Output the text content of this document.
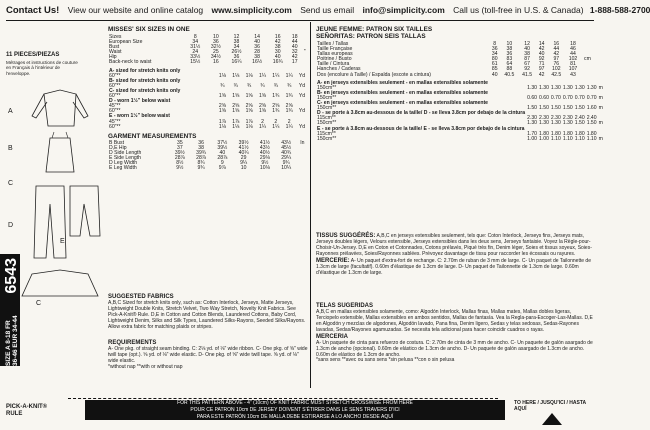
Contact Us! View our website and online catalog www.simplicity.com Send us email info@simplicity.com Call us (toll-free in U.S. & Canada) 1-888-588-2700
11 PIECES/PIEZAS
Métrages et instructions de couture en Français à l'intérieur de l'enveloppe.
A
B
C
D
E
C
6543
SIZE A 8-18 FR 36-46 EUR 34-44
MISSES' SIX SIZES IN ONE
Sizes	8	10	12	14	16	18	
European Size	34	36	38	40	42	44	
Bust	31½	32½	34	36	38	40	
Waist	24	25	26½	28	30	32	"
Hip	33½	34½	36	38	40	42	
Back-neck to waist	15½	16	16¼	16½	16¾	17	
A- sized for stretch knits only							
60"**	1⅛	1⅛	1⅛	1¼	1¼	1¼	Yd
B- sized for stretch knits only							
60"**	¾	¾	¾	¾	¾	¾	Yd
C- sized for stretch knits only							
60"**	1⅝	1⅝	1⅝	1⅝	1¾	1¾	Yd
D - worn 1½" below waist							
45"**	2⅝	2⅝	2⅝	2⅝	2⅝	2⅝	
60"**	1⅝	1⅝	1⅝	1⅝	1¾	1¾	Yd
E - worn 1½" below waist							
45"**	1⅞	1⅞	1⅞	2	2	2	
60"**	1⅛	1⅛	1⅛	1¼	1¼	1¼	Yd
GARMENT MEASUREMENTS
B Bust	35	36	37½	39½	41½	43½	In
D,E Hip	37	38	39½	41½	43½	45½	
D Side Length	39½	39¾	40	40¼	40½	40¾	
E Side Length	28⅞	28⅞	28⅞	29	29⅛	29¼	
D Leg Width	8½	8¾	9	9¼	9½	9¾	
E Leg Width	9½	9¾	9⅞	10	10⅛	10¼	
SUGGESTED FABRICS
A,B,C Sized for stretch knits only, such as: Cotton Interlock, Jerseys, Matte Jerseys, Lightweight Double Knits, Stretch Velvet, Two Way Stretch, Novelty Knit Fabrics. See Pick-A-Knit® Rule. D,E in Cotton and Cotton Blends, Laundered Cottons, Baby Cord, Lightweight Denim, Silks and Silk Types, Laundered Silks-Rayons, Seeded Silks/Rayons. Allow extra fabric for matching plaids or stripes.
REQUIREMENTS
A- One pkg. of straight seam binding. C: 2⅛ yd. of ⅛" wide ribbon. C- One pkg. of ⅝" wide twill tape (opt.). ⅝ yd. of ⅛" wide elastic. D- One pkg. of ⅝" wide twill tape. ⅝ yd. of ⅛" wide elastic.
*without nap **with or without nap
JEUNE FEMME: PATRON SIX TAILLES
SEÑORITAS: PATRON SEIS TALLAS
Tailles / Tallas	8	10	12	14	16	18	
Taille Française	36	38	40	42	44	46	
Tallas europeas	34	36	38	40	42	44	
Poitrine / Busto	80	83	87	92	97	102	cm
Taille / Cintura	61	64	67	71	76	81	
Hanches / Caderas	85	88	92	97	102	107	
Dos (encolure à Taille) / Espalda (escote a cintura)	40	40.5	41.5	42	42.5	43	
A- en jerseys extensibles seulement - en mallas extensibles solamente							
150cm**	1.30	1.30	1.30	1.30	1.30	1.30	m
B- en jerseys extensibles seulement - en mallas extensibles solamente							
150cm**	0.60	0.60	0.70	0.70	0.70	0.70	m
C- en jerseys extensibles seulement - en mallas extensibles solamente							
150cm**	1.50	1.50	1.50	1.50	1.50	1.60	m
D - se porte à 3.8cm au-dessous de la taille/ D - se lleva 3.8cm por debajo de la cintura							
115cm**	2.30	2.30	2.30	2.30	2.40	2.40	
150cm**	1.30	1.30	1.30	1.30	1.50	1.50	m
E - se porte à 3.8cm au-dessous de la taille/ E - se lleva 3.8cm por debajo de la cintura							
115cm**	1.70	1.80	1.80	1.80	1.80	1.80	
150cm**	1.00	1.00	1.10	1.10	1.10	1.10	m
TISSUS SUGGÉRÉS: A,B,C en jerseys extensibles seulement, tels que: Coton Interlock, Jerseys fins, Jerseys mats, Jerseys doubles légers, Velours extensible, Jerseys extensibles dans les deux sens, Jerseys fantaisie. Voyez la Règle-pour-Choisir-Un-Jersey. D,E en Coton et Cotonnades, Cotons prélavés, Piqué très fin, Denim léger, Soies et tissus soyeux, Soies-Rayonnes prélavées, Soies/Rayonnes sablées. Prévoyez davantage de tissu pour raccorder les écossais ou rayures.
MERCERIE: A- Un paquet d'extra-fort de rechange. C: 2.70m de ruban de 3 mm de large. C- Un paquet de Tailonnette de 1.3cm de large (facultatif). 0.60m d'élastique de 1.3cm de large. D- Un paquet de Tailonnette de 1.3cm de large. 0.60m d'élastique de 1.3cm de large.
TELAS SUGERIDAS
A,B,C en mallas extensibles solamente, como: Algodón Interlock, Mallas finas, Mallas mates, Mallas dobles ligeras, Terciopelo extensible, Mallas extensibles en ambos sentidos, Mallas de fantasía. Vea la Regla-para-Escoger-Las-Mallas. D,E en Algodón y mezclas de algodones, Algodón lavado, Pana fina, Denim ligero, Sedas y telas sedosas, Sedas-Rayones lavadas, Sedas/Rayones agamuzadas. Se necesita tela adicional para hacer coincidir cuadros o rayas.
MERCERIA
A- Un paquete de cinta para refuerzo de costura. C: 2.70m de cinta de 3 mm de ancho. C- Un paquete de galón asargado de 1.3cm de ancho (opcional). 0.60m de elástico de 1.3cm de ancho. D- Un paquete de galón asargado de 1.3cm de ancho. 0.60m de elástico de 1.3cm de ancho.
*sans sens **avec ou sans sens *sin pelusa **con o sin pelusa
PICK-A-KNIT® RULE
FOR THIS PATTERN ABOVE - 4" (10cm) OF KNIT FABRIC MUST STRETCH CROSSWISE FROM HERE
POUR CE PATRON 10cm DE JERSEY DOIVENT S'ÉTIRER DANS LE SENS TRAVERS D'ICI
PARA ESTE PATRÓN 10cm DE MALLA DEBE ESTIRARSE A LO ANCHO DESDE AQUÍ
TO HERE / JUSQU'ICI / HASTA AQUÍ
